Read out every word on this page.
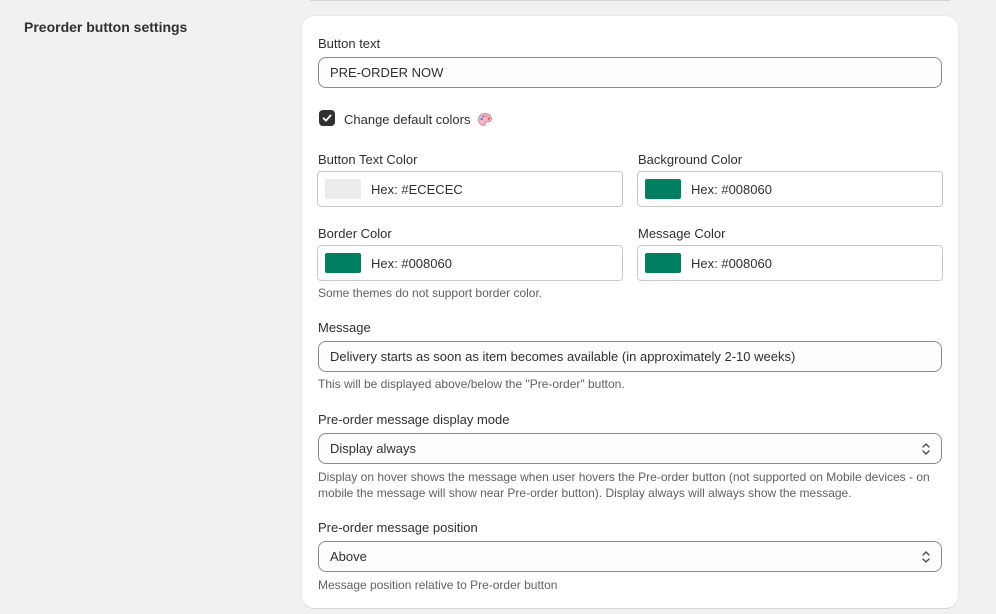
Preorder button settings
Button text
PRE-ORDER NOW
Change default colors
Button Text Color
Hex: #ECECEC
Background Color
Hex: #008060
Border Color
Hex: #008060
Some themes do not support border color.
Message Color
Hex: #008060
Message
Delivery starts as soon as item becomes available (in approximately 2-10 weeks)
This will be displayed above/below the "Pre-order" button.
Pre-order message display mode
Display always
Display on hover shows the message when user hovers the Pre-order button (not supported on Mobile devices - on
mobile the message will show near Pre-order button). Display always will always show the message.
Pre-order message position
Above
Message position relative to Pre-order button
